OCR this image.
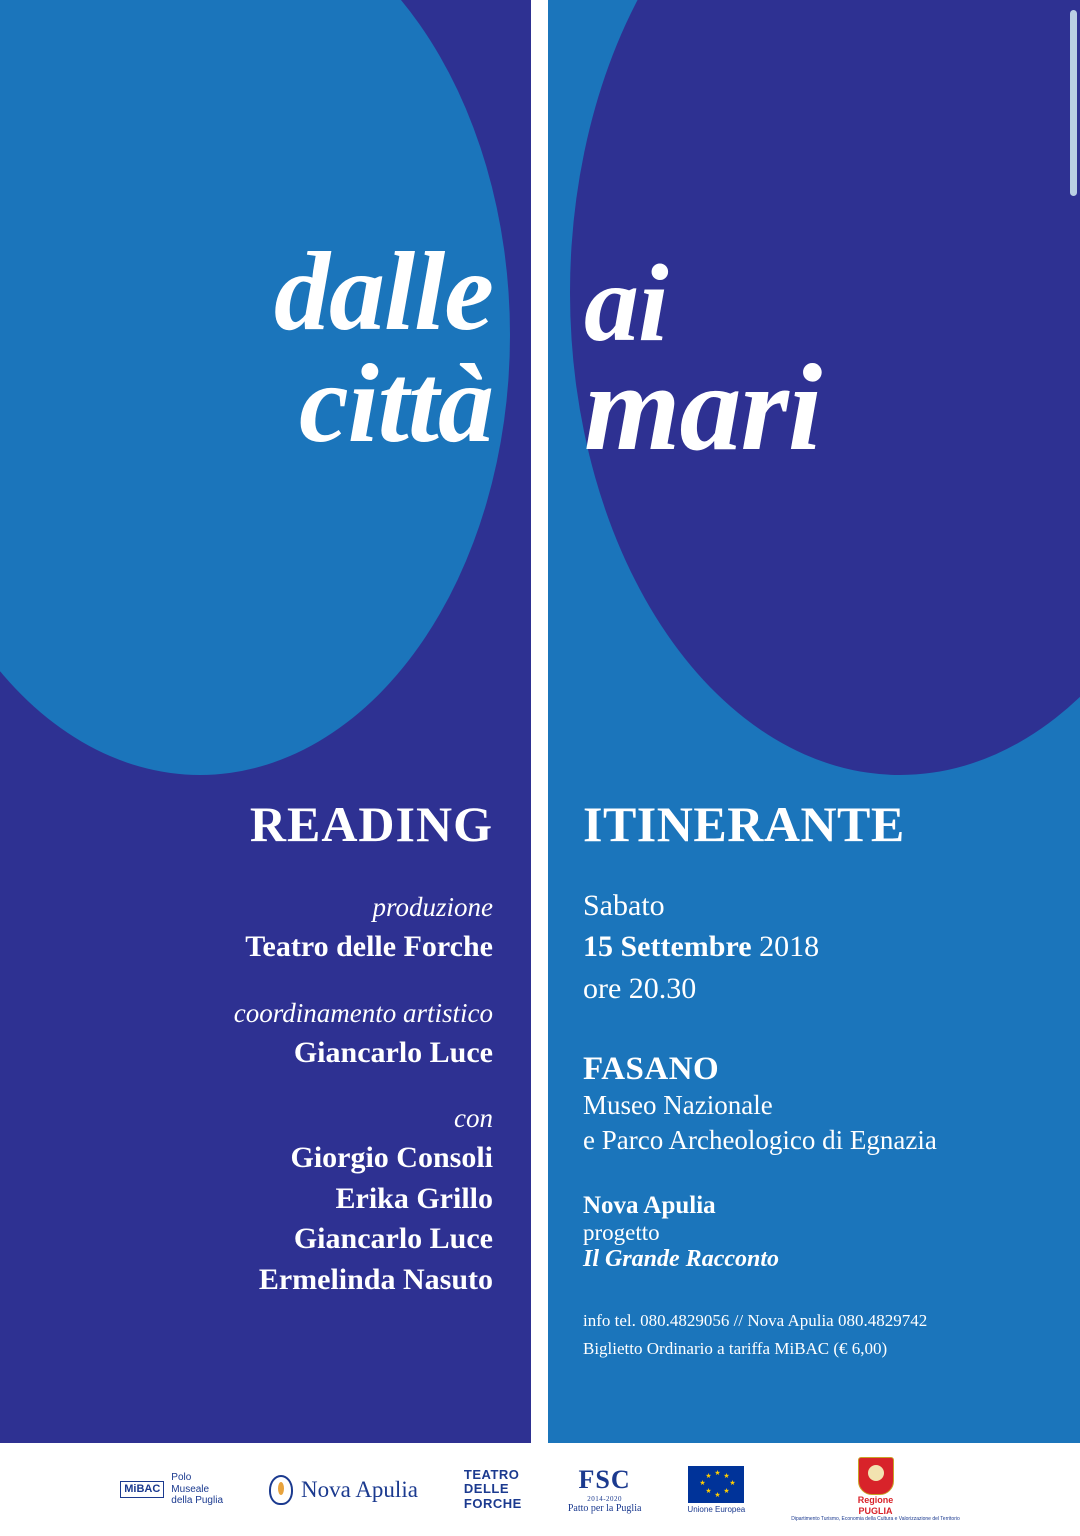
dalle
città
READING
produzione
Teatro delle Forche
coordinamento artistico
Giancarlo Luce
con
Giorgio Consoli
Erika Grillo
Giancarlo Luce
Ermelinda Nasuto
ai
mari
ITINERANTE
Sabato
15 Settembre 2018
ore 20.30
FASANO
Museo Nazionale
e Parco Archeologico di Egnazia
Nova Apulia
progetto
Il Grande Racconto
info tel. 080.4829056 // Nova Apulia 080.4829742
Biglietto Ordinario a tariffa MiBAC (€ 6,00)
MiBAC
Polo
Museale
della Puglia	Nova Apulia
TEATRO
DELLE
FORCHE
FSC
2014-2020
Patto per la Puglia
★ ★
★
★
★
★
★
★
Unione Europea
Regione
PUGLIA
Dipartimento Turismo, Economia della Cultura e Valorizzazione del Territorio
